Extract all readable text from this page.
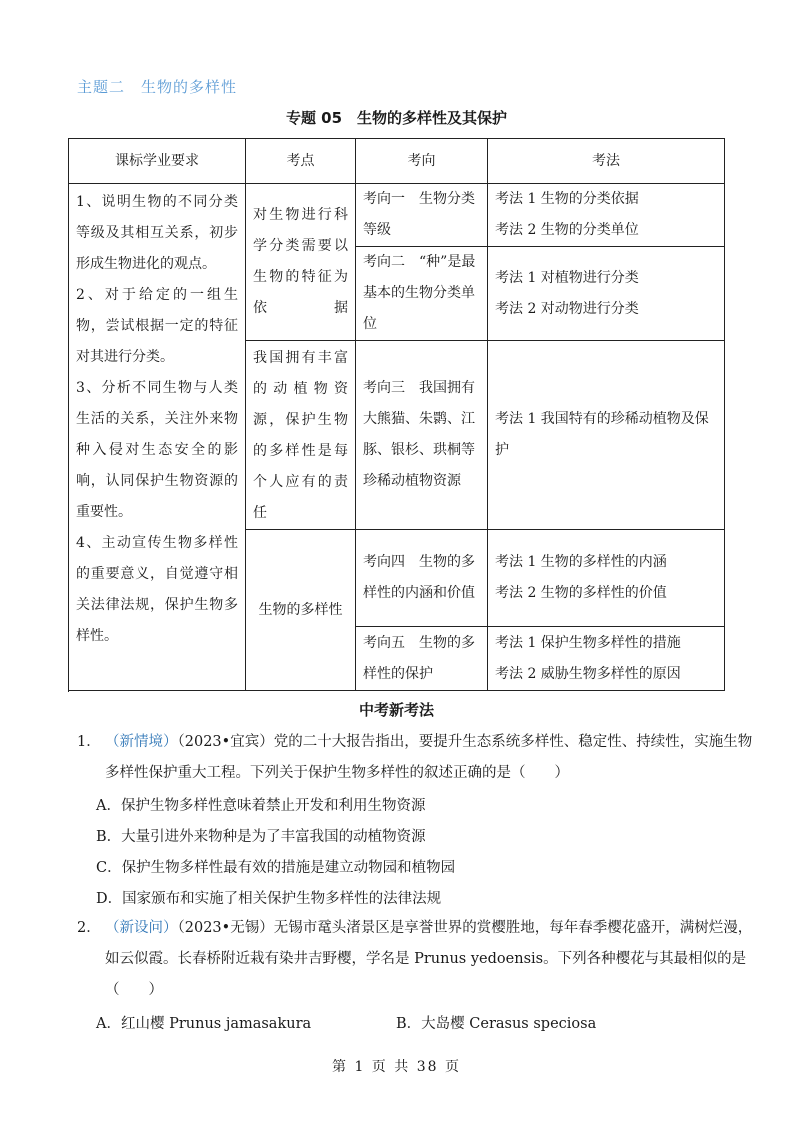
主题二　生物的多样性
专题 05　生物的多样性及其保护
课标学业要求	考点	考向	考法

1、说明生物的不同分类等级及其相互关系，初步形成生物进化的观点。
2、对于给定的一组生物，尝试根据一定的特征对其进行分类。
3、分析不同生物与人类生活的关系，关注外来物种入侵对生态安全的影响，认同保护生物资源的重要性。
4、主动宣传生物多样性的重要意义，自觉遵守相关法律法规，保护生物多样性。	对生物进行科学分类需要以生物的特征为依据	考向一　生物分类等级	考法 1 生物的分类依据
考法 2 生物的分类单位
		考向二　“种”是最基本的生物分类单位	考法 1 对植物进行分类
考法 2 对动物进行分类
	我国拥有丰富的动植物资源，保护生物的多样性是每个人应有的责任	考向三　我国拥有大熊猫、朱鹮、江豚、银杉、珙桐等珍稀动植物资源	考法 1 我国特有的珍稀动植物及保护
	生物的多样性	考向四　生物的多样性的内涵和价值	考法 1 生物的多样性的内涵
考法 2 生物的多样性的价值
		考向五　生物的多样性的保护	考法 1 保护生物多样性的措施
考法 2 威胁生物多样性的原因

中考新考法
1． （新情境）（2023•宜宾）党的二十大报告指出，要提升生态系统多样性、稳定性、持续性，实施生物多样性保护重大工程。下列关于保护生物多样性的叙述正确的是（　　）
A．保护生物多样性意味着禁止开发和利用生物资源
B．大量引进外来物种是为了丰富我国的动植物资源
C．保护生物多样性最有效的措施是建立动物园和植物园
D．国家颁布和实施了相关保护生物多样性的法律法规
2． （新设问）（2023•无锡）无锡市鼋头渚景区是享誉世界的赏樱胜地，每年春季樱花盛开，满树烂漫，如云似霞。长春桥附近栽有染井吉野樱，学名是 Prunus yedoensis。下列各种樱花与其最相似的是（　　）
A．红山樱 Prunus jamasakura	B．大岛樱 Cerasus speciosa
第 1 页 共 38 页
